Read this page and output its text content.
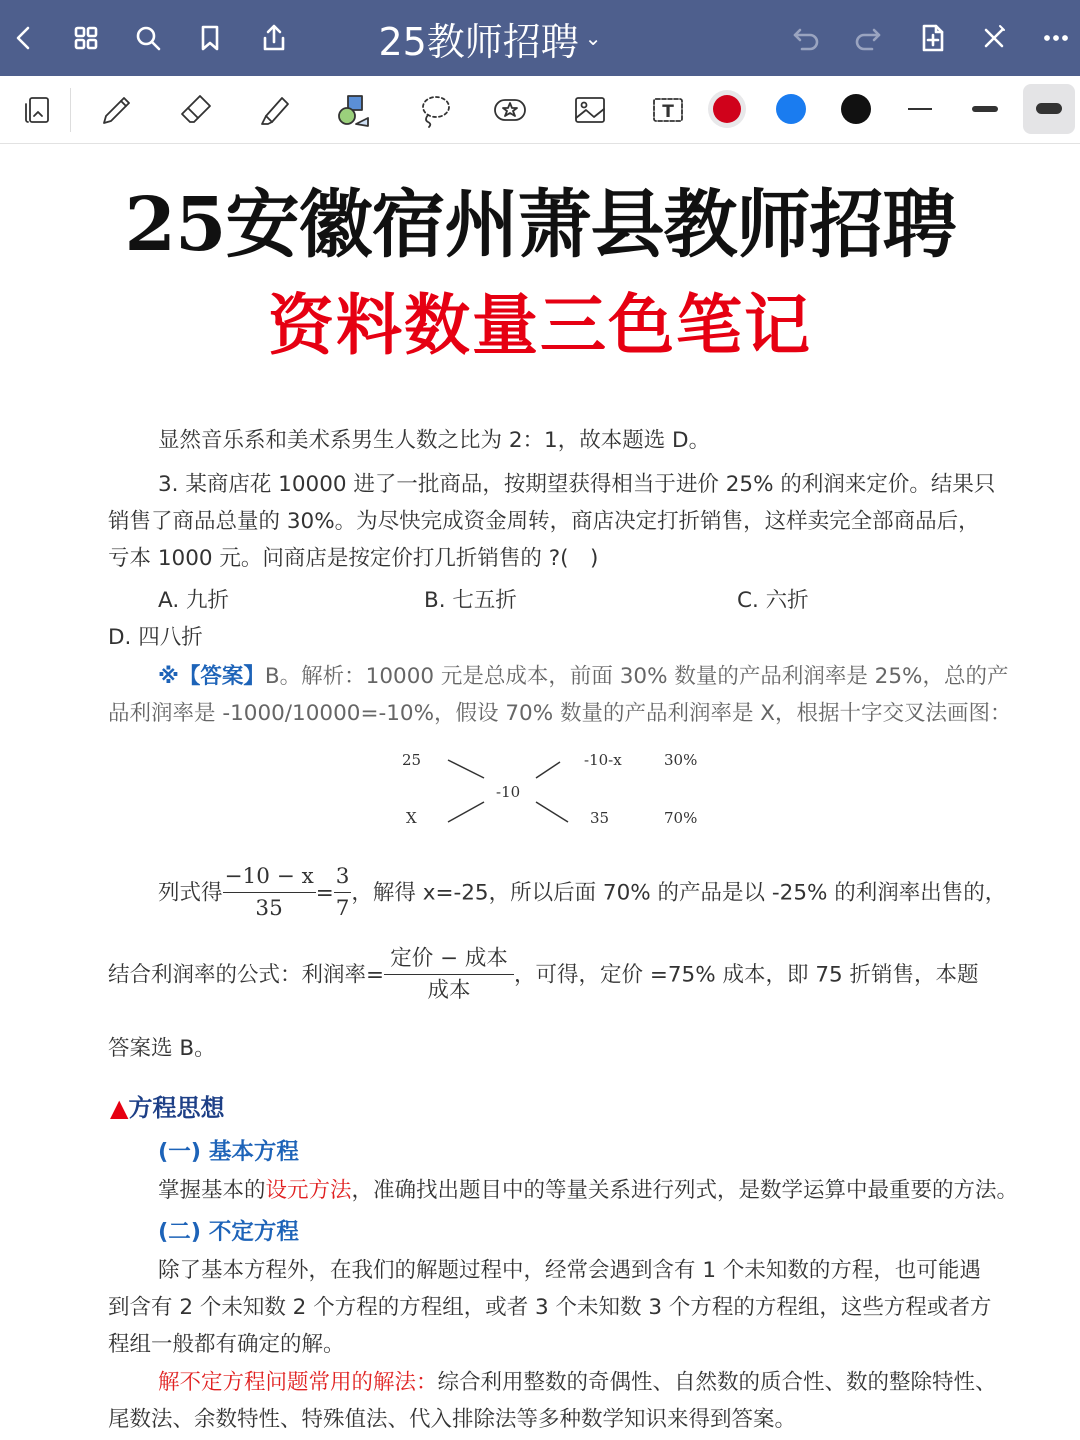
25教师招聘 ⌄
T
25安徽宿州萧县教师招聘
资料数量三色笔记
显然音乐系和美术系男生人数之比为 2：1，故本题选 D。
3. 某商店花 10000 进了一批商品，按期望获得相当于进价 25% 的利润来定价。结果只
销售了商品总量的 30%。为尽快完成资金周转，商店决定打折销售，这样卖完全部商品后，
亏本 1000 元。问商店是按定价打几折销售的 ?(　)
A. 九折	B. 七五折	C. 六折
D. 四八折
※【答案】B。解析：10000 元是总成本，前面 30% 数量的产品利润率是 25%，总的产
品利润率是 -1000/10000=-10%，假设 70% 数量的产品利润率是 X，根据十字交叉法画图：
25
X
-10
-10-x
35
30%
70%
列式得 $\frac{-10 - x}{35} = \frac{3}{7}$ ，解得 x=-25，所以后面 70% 的产品是以 -25% 的利润率出售的，
结合利润率的公式：利润率= $\frac{\text{定价 − 成本}}{\text{成本}}$ ，可得，定价 =75% 成本，即 75 折销售，本题
答案选 B。
▲方程思想
(一) 基本方程
掌握基本的设元方法，准确找出题目中的等量关系进行列式，是数学运算中最重要的方法。
(二) 不定方程
除了基本方程外，在我们的解题过程中，经常会遇到含有 1 个未知数的方程，也可能遇
到含有 2 个未知数 2 个方程的方程组，或者 3 个未知数 3 个方程的方程组，这些方程或者方
程组一般都有确定的解。
解不定方程问题常用的解法：综合利用整数的奇偶性、自然数的质合性、数的整除特性、
尾数法、余数特性、特殊值法、代入排除法等多种数学知识来得到答案。
